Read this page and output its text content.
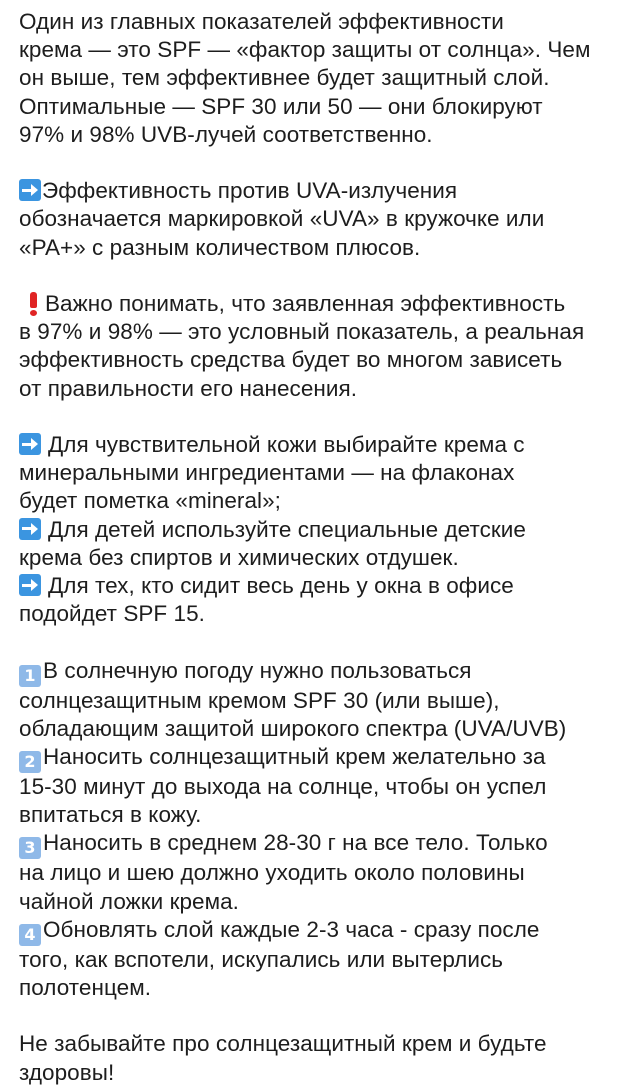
Один из главных показателей эффективности
крема — это SPF — «фактор защиты от солнца». Чем
он выше, тем эффективнее будет защитный слой.
Оптимальные — SPF 30 или 50 — они блокируют
97% и 98% UVB-лучей соответственно.
Эффективность против UVA-излучения
обозначается маркировкой «UVA» в кружочке или
«PA+» с разным количеством плюсов.
Важно понимать, что заявленная эффективность
в 97% и 98% — это условный показатель, а реальная
эффективность средства будет во многом зависеть
от правильности его нанесения.
Для чувствительной кожи выбирайте крема с
минеральными ингредиентами — на флаконах
будет пометка «mineral»;
Для детей используйте специальные детские
крема без спиртов и химических отдушек.
Для тех, кто сидит весь день у окна в офисе
подойдет SPF 15.
1 В солнечную погоду нужно пользоваться
солнцезащитным кремом SPF 30 (или выше),
обладающим защитой широкого спектра (UVA/UVB)
2 Наносить солнцезащитный крем желательно за
15-30 минут до выхода на солнце, чтобы он успел
впитаться в кожу.
3 Наносить в среднем 28-30 г на все тело. Только
на лицо и шею должно уходить около половины
чайной ложки крема.
4 Обновлять слой каждые 2-3 часа - сразу после
того, как вспотели, искупались или вытерлись
полотенцем.
Не забывайте про солнцезащитный крем и будьте
здоровы!
